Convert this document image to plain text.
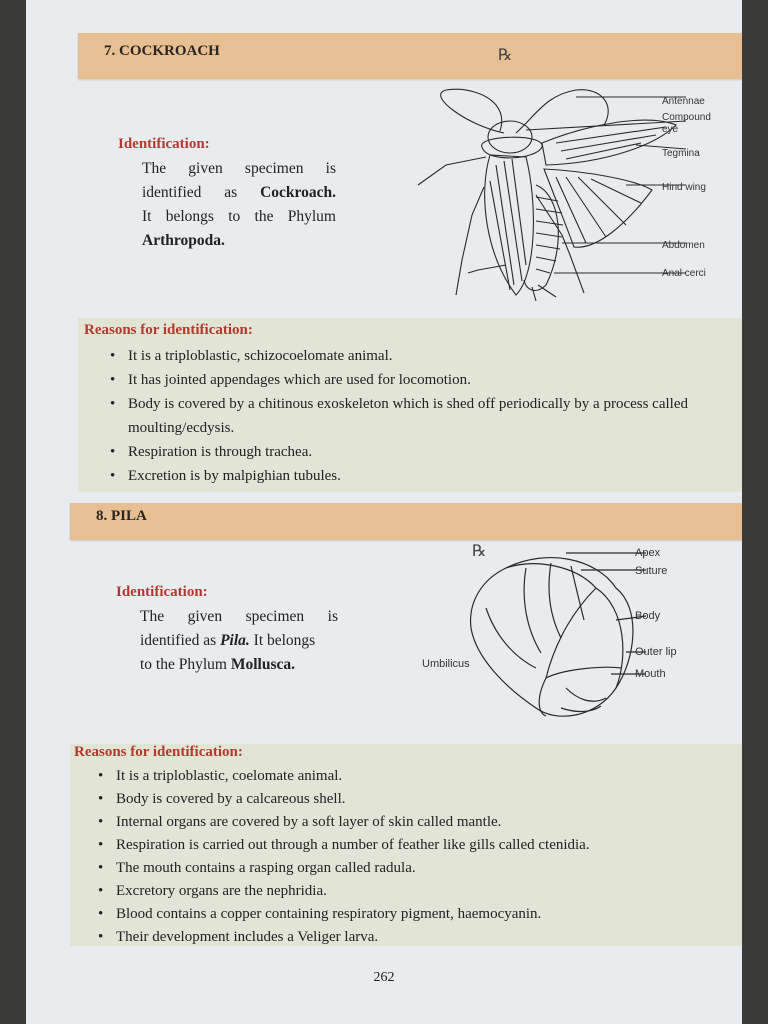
7. COCKROACH	℞
Identification:
The given specimen is
identified as Cockroach.
It belongs to the Phylum
Arthropoda.
Antennae
Compound
eye
Tegmina
Hind wing
Abdomen
Anal cerci
Reasons for identification:
• It is a triploblastic, schizocoelomate animal.
• It has jointed appendages which are used for locomotion.
• Body is covered by a chitinous exoskeleton which is shed off periodically by a process called moulting/ecdysis.
• Respiration is through trachea.
• Excretion is by malpighian tubules.
8. PILA
℞
Identification:
The given specimen is
identified as Pila. It belongs
to the Phylum Mollusca.
Apex
Suture
Body
Outer lip
Mouth
Umbilicus
Reasons for identification:
• It is a triploblastic, coelomate animal.
• Body is covered by a calcareous shell.
• Internal organs are covered by a soft layer of skin called mantle.
• Respiration is carried out through a number of feather like gills called ctenidia.
• The mouth contains a rasping organ called radula.
• Excretory organs are the nephridia.
• Blood contains a copper containing respiratory pigment, haemocyanin.
• Their development includes a Veliger larva.
262
